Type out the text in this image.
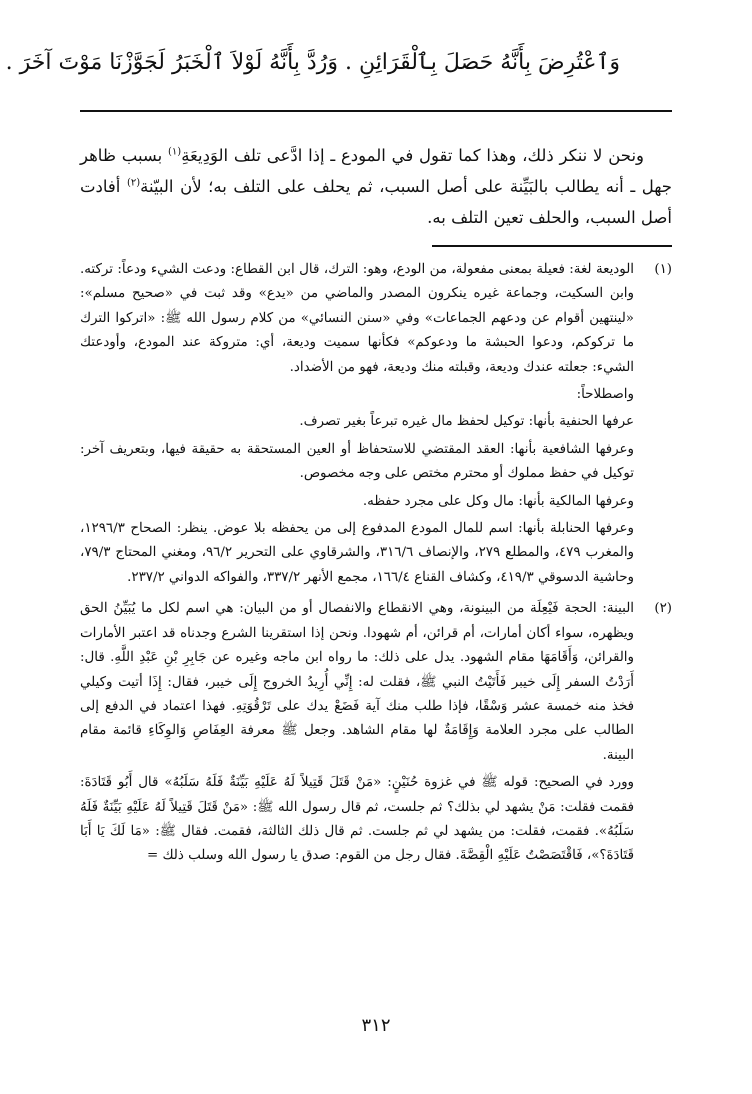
وَٱعْتُرِضَ بِأَنَّهُ حَصَلَ بِٱلْقَرَائِنِ . وَرُدَّ بِأَنَّهُ لَوْلاَ ٱلْخَبَرُ لَجَوَّزْنَا مَوْتَ آخَرَ .

ونحن لا ننكر ذلك، وهذا كما تقول في المودع ـ إذا ادَّعى تلف الوَدِيعَةِ$^{(١)}$ بسبب ظاهر جهل ـ أنه يطالب بالبَيِّنة على أصل السبب، ثم يحلف على التلف به؛ لأن البيّنة$^{(٢)}$ أفادت أصل السبب، والحلف تعين التلف به.

(١)

الوديعة لغة: فعيلة بمعنى مفعولة، من الودع، وهو: الترك، قال ابن القطاع: ودعت الشيء ودعاً: تركته. وابن السكيت، وجماعة غيره ينكرون المصدر والماضي من «يدع» وقد ثبت في «صحيح مسلم»: «لينتهين أقوام عن ودعهم الجماعات» وفي «سنن النسائي» من كلام رسول الله ﷺ: «اتركوا الترك ما تركوكم، ودعوا الحبشة ما ودعوكم» فكأنها سميت وديعة، أي: متروكة عند المودع، وأودعتك الشيء: جعلته عندك وديعة، وقبلته منك وديعة، فهو من الأضداد.

واصطلاحاً:

عرفها الحنفية بأنها: توكيل لحفظ مال غيره تبرعاً بغير تصرف.

وعرفها الشافعية بأنها: العقد المقتضي للاستحفاظ أو العين المستحقة به حقيقة فيها، وبتعريف آخر: توكيل في حفظ مملوك أو محترم مختص على وجه مخصوص.

وعرفها المالكية بأنها: مال وكل على مجرد حفظه.

وعرفها الحنابلة بأنها: اسم للمال المودع المدفوع إلى من يحفظه بلا عوض. ينظر: الصحاح ١٢٩٦/٣، والمغرب ٤٧٩، والمطلع ٢٧٩، والإنصاف ٣١٦/٦، والشرقاوي على التحرير ٩٦/٢، ومغني المحتاج ٧٩/٣، وحاشية الدسوقي ٤١٩/٣، وكشاف القناع ١٦٦/٤، مجمع الأنهر ٣٣٧/٢، والفواكه الدواني ٢٣٧/٢.

(٢)

البينة: الحجة فَيْعِلَة من البينونة، وهي الانقطاع والانفصال أو من البيان: هي اسم لكل ما يُبَيِّنُ الحق ويظهره، سواء أكان أمارات، أم قرائن، أم شهودا. ونحن إذا استقرينا الشرع وجدناه قد اعتبر الأمارات والقرائن، وَأَقَامَهَا مقام الشهود. يدل على ذلك: ما رواه ابن ماجه وغيره عن جَابِرِ بْنِ عَبْدِ اللَّهِ. قال: أَرَدْتُ السفر إِلَى خيبر فَأَتَيْتُ النبي ﷺ، فقلت له: إِنِّي أُرِيدُ الخروج إِلَى خيبر، فقال: إِذَا أتيت وكيلي فخذ منه خمسة عشر وَسْقًا، فإذا طلب منك آية فَضَعْ يدك على تَرْقُوَتِهِ. فهذا اعتماد في الدفع إلى الطالب على مجرد العلامة وَإِقَامَةٌ لها مقام الشاهد. وجعل ﷺ معرفة العِفَاصِ وَالوِكَاءِ قائمة مقام البينة.

وورد في الصحيح: قوله ﷺ في غزوة حُنَيْنٍ: «مَنْ قَتَلَ قَتِيلاً لَهُ عَلَيْهِ بَيِّنَةٌ فَلَهُ سَلَبُهُ» قال أَبُو قَتَادَةَ: فقمت فقلت: مَنْ يشهد لي بذلك؟ ثم جلست، ثم قال رسول الله ﷺ: «مَنْ قَتَلَ قَتِيلاً لَهُ عَلَيْهِ بَيِّنَةٌ فَلَهُ سَلَبُهُ». فقمت، فقلت: من يشهد لي ثم جلست. ثم قال ذلك الثالثة، فقمت. فقال ﷺ: «مَا لَكَ يَا أَبَا قَتَادَةَ؟»، فَاقْتَصَصْتُ عَلَيْهِ الْقِصَّةَ. فقال رجل من القوم: صدق يا رسول الله وسلب ذلك =

٣١٢
